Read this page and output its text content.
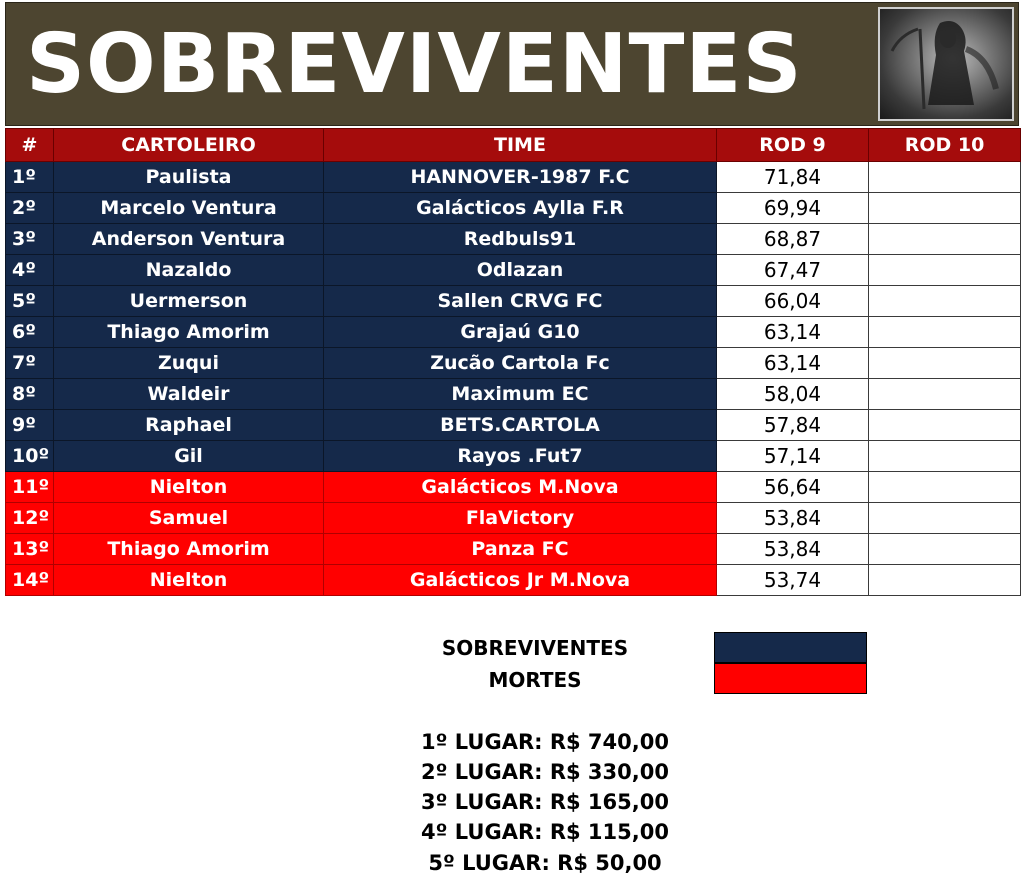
SOBREVIVENTES
#	CARTOLEIRO	TIME	ROD 9	ROD 10
1º	Paulista	HANNOVER-1987 F.C	71,84	
2º	Marcelo Ventura	Galácticos Aylla F.R	69,94	
3º	Anderson Ventura	Redbuls91	68,87	
4º	Nazaldo	Odlazan	67,47	
5º	Uermerson	Sallen CRVG FC	66,04	
6º	Thiago Amorim	Grajaú G10	63,14	
7º	Zuqui	Zucão Cartola Fc	63,14	
8º	Waldeir	Maximum EC	58,04	
9º	Raphael	BETS.CARTOLA	57,84	
10º	Gil	Rayos .Fut7	57,14	
11º	Nielton	Galácticos M.Nova	56,64	
12º	Samuel	FlaVictory	53,84	
13º	Thiago Amorim	Panza FC	53,84	
14º	Nielton	Galácticos Jr M.Nova	53,74	
SOBREVIVENTES
MORTES
1º LUGAR: R$ 740,00
2º LUGAR: R$ 330,00
3º LUGAR: R$ 165,00
4º LUGAR: R$ 115,00
5º LUGAR: R$ 50,00
